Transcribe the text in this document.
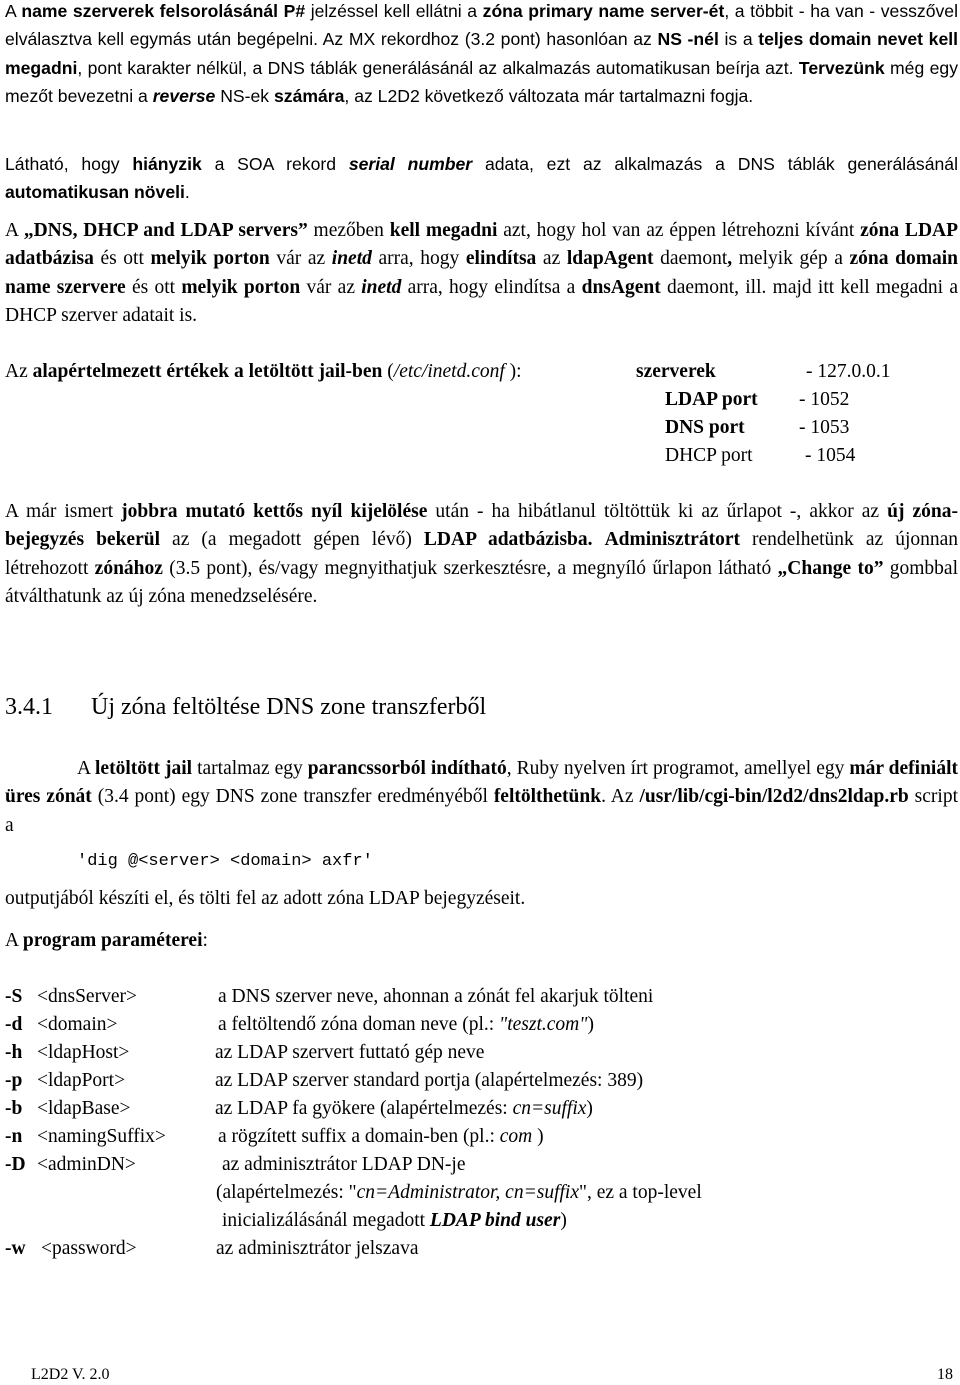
A name szerverek felsorolásánál P# jelzéssel kell ellátni a zóna primary name server-ét, a többit - ha van - vesszővel elválasztva kell egymás után begépelni. Az MX rekordhoz (3.2 pont) hasonlóan az NS -nél is a teljes domain nevet kell megadni, pont karakter nélkül, a DNS táblák generálásánál az alkalmazás automatikusan beírja azt. Tervezünk még egy mezőt bevezetni a reverse NS-ek számára, az L2D2 következő változata már tartalmazni fogja.

Látható, hogy hiányzik a SOA rekord serial number adata, ezt az alkalmazás a DNS táblák generálásánál automatikusan növeli.

A „DNS, DHCP and LDAP servers” mezőben kell megadni azt, hogy hol van az éppen létrehozni kívánt zóna LDAP adatbázisa és ott melyik porton vár az inetd arra, hogy elindítsa az ldapAgent daemont, melyik gép a zóna domain name szervere és ott melyik porton vár az inetd arra, hogy elindítsa a dnsAgent daemont, ill. majd itt kell megadni a DHCP szerver adatait is.

Az alapértelmezett értékek a letöltött jail-ben (/etc/inetd.conf ):	szerverek	- 127.0.0.1
LDAP port - 1052
DNS port	- 1053
DHCP port	- 1054

A már ismert jobbra mutató kettős nyíl kijelölése után - ha hibátlanul töltöttük ki az űrlapot -, akkor az új zóna-bejegyzés bekerül az (a megadott gépen lévő) LDAP adatbázisba. Adminisztrátort rendelhetünk az újonnan létrehozott zónához (3.5 pont), és/vagy megnyithatjuk szerkesztésre, a megnyíló űrlapon látható „Change to” gombbal átválthatunk az új zóna menedzselésére.

3.4.1 Új zóna feltöltése DNS zone transzferből

A letöltött jail tartalmaz egy parancssorból indítható, Ruby nyelven írt programot, amellyel egy már definiált üres zónát (3.4 pont) egy DNS zone transzfer eredményéből feltölthetünk. Az /usr/lib/cgi-bin/l2d2/dns2ldap.rb script a

'dig @<server> <domain> axfr'

outputjából készíti el, és tölti fel az adott zóna LDAP bejegyzéseit.

A program paraméterei:
-S <dnsServer>	a DNS szerver neve, ahonnan a zónát fel akarjuk tölteni
-d <domain>	a feltöltendő zóna doman neve (pl.: "teszt.com")
-h <ldapHost>	az LDAP szervert futtató gép neve
-p <ldapPort>	az LDAP szerver standard portja (alapértelmezés: 389)
-b <ldapBase>	az LDAP fa gyökere (alapértelmezés: cn=suffix)
-n <namingSuffix>	a rögzített suffix a domain-ben (pl.: com )
-D <adminDN>	az adminisztrátor LDAP DN-je
(alapértelmezés: "cn=Administrator, cn=suffix", ez a top-level
inicializálásánál megadott LDAP bind user)
-w <password>	az adminisztrátor jelszava
L2D2 V. 2.0	18
